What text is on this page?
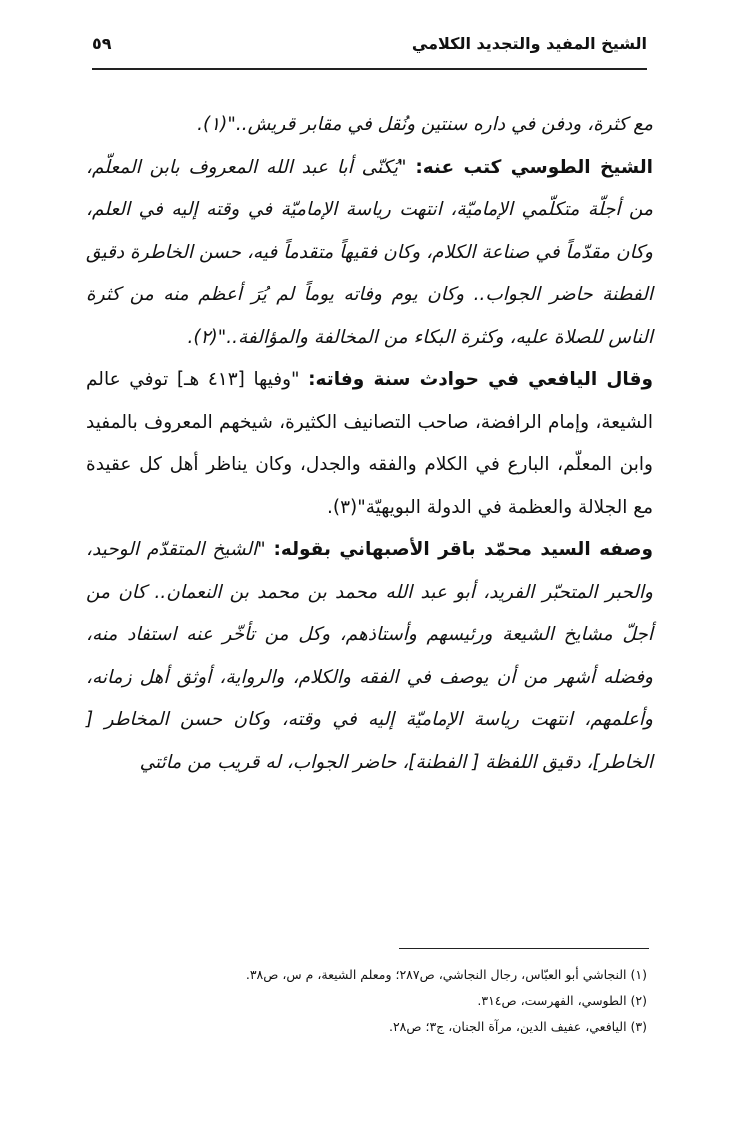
الشيخ المفيد والتجديد الكلامي
٥٩

مع كثرة، ودفن في داره سنتين ونُقل في مقابر قريش.."(١).

الشيخ الطوسي كتب عنه: "يُكنّى أبا عبد الله المعروف بابن المعلّم، من أجلّة متكلّمي الإماميّة، انتهت رياسة الإماميّة في وقته إليه في العلم، وكان مقدّماً في صناعة الكلام، وكان فقيهاً متقدماً فيه، حسن الخاطرة دقيق الفطنة حاضر الجواب.. وكان يوم وفاته يوماً لم يُرَ أعظم منه من كثرة الناس للصلاة عليه، وكثرة البكاء من المخالفة والمؤالفة.."(٢).

وقال اليافعي في حوادث سنة وفاته: "وفيها [٤١٣ هـ] توفي عالم الشيعة، وإمام الرافضة، صاحب التصانيف الكثيرة، شيخهم المعروف بالمفيد وابن المعلّم، البارع في الكلام والفقه والجدل، وكان يناظر أهل كل عقيدة مع الجلالة والعظمة في الدولة البويهيّة"(٣).

وصفه السيد محمّد باقر الأصبهاني بقوله: "الشيخ المتقدّم الوحيد، والحبر المتحبّر الفريد، أبو عبد الله محمد بن محمد بن النعمان.. كان من أجلّ مشايخ الشيعة ورئيسهم وأستاذهم، وكل من تأخّر عنه استفاد منه، وفضله أشهر من أن يوصف في الفقه والكلام، والرواية، أوثق أهل زمانه، وأعلمهم، انتهت رياسة الإماميّة إليه في وقته، وكان حسن المخاطر [ الخاطر]، دقيق اللفظة [ الفطنة]، حاضر الجواب، له قريب من مائتي

(١) النجاشي أبو العبّاس، رجال النجاشي، ص٢٨٧؛ ومعلم الشيعة، م س، ص٣٨.

(٢) الطوسي، الفهرست، ص٣١٤.

(٣) اليافعي، عفيف الدين، مرآة الجنان، ج٣؛ ص٢٨.
